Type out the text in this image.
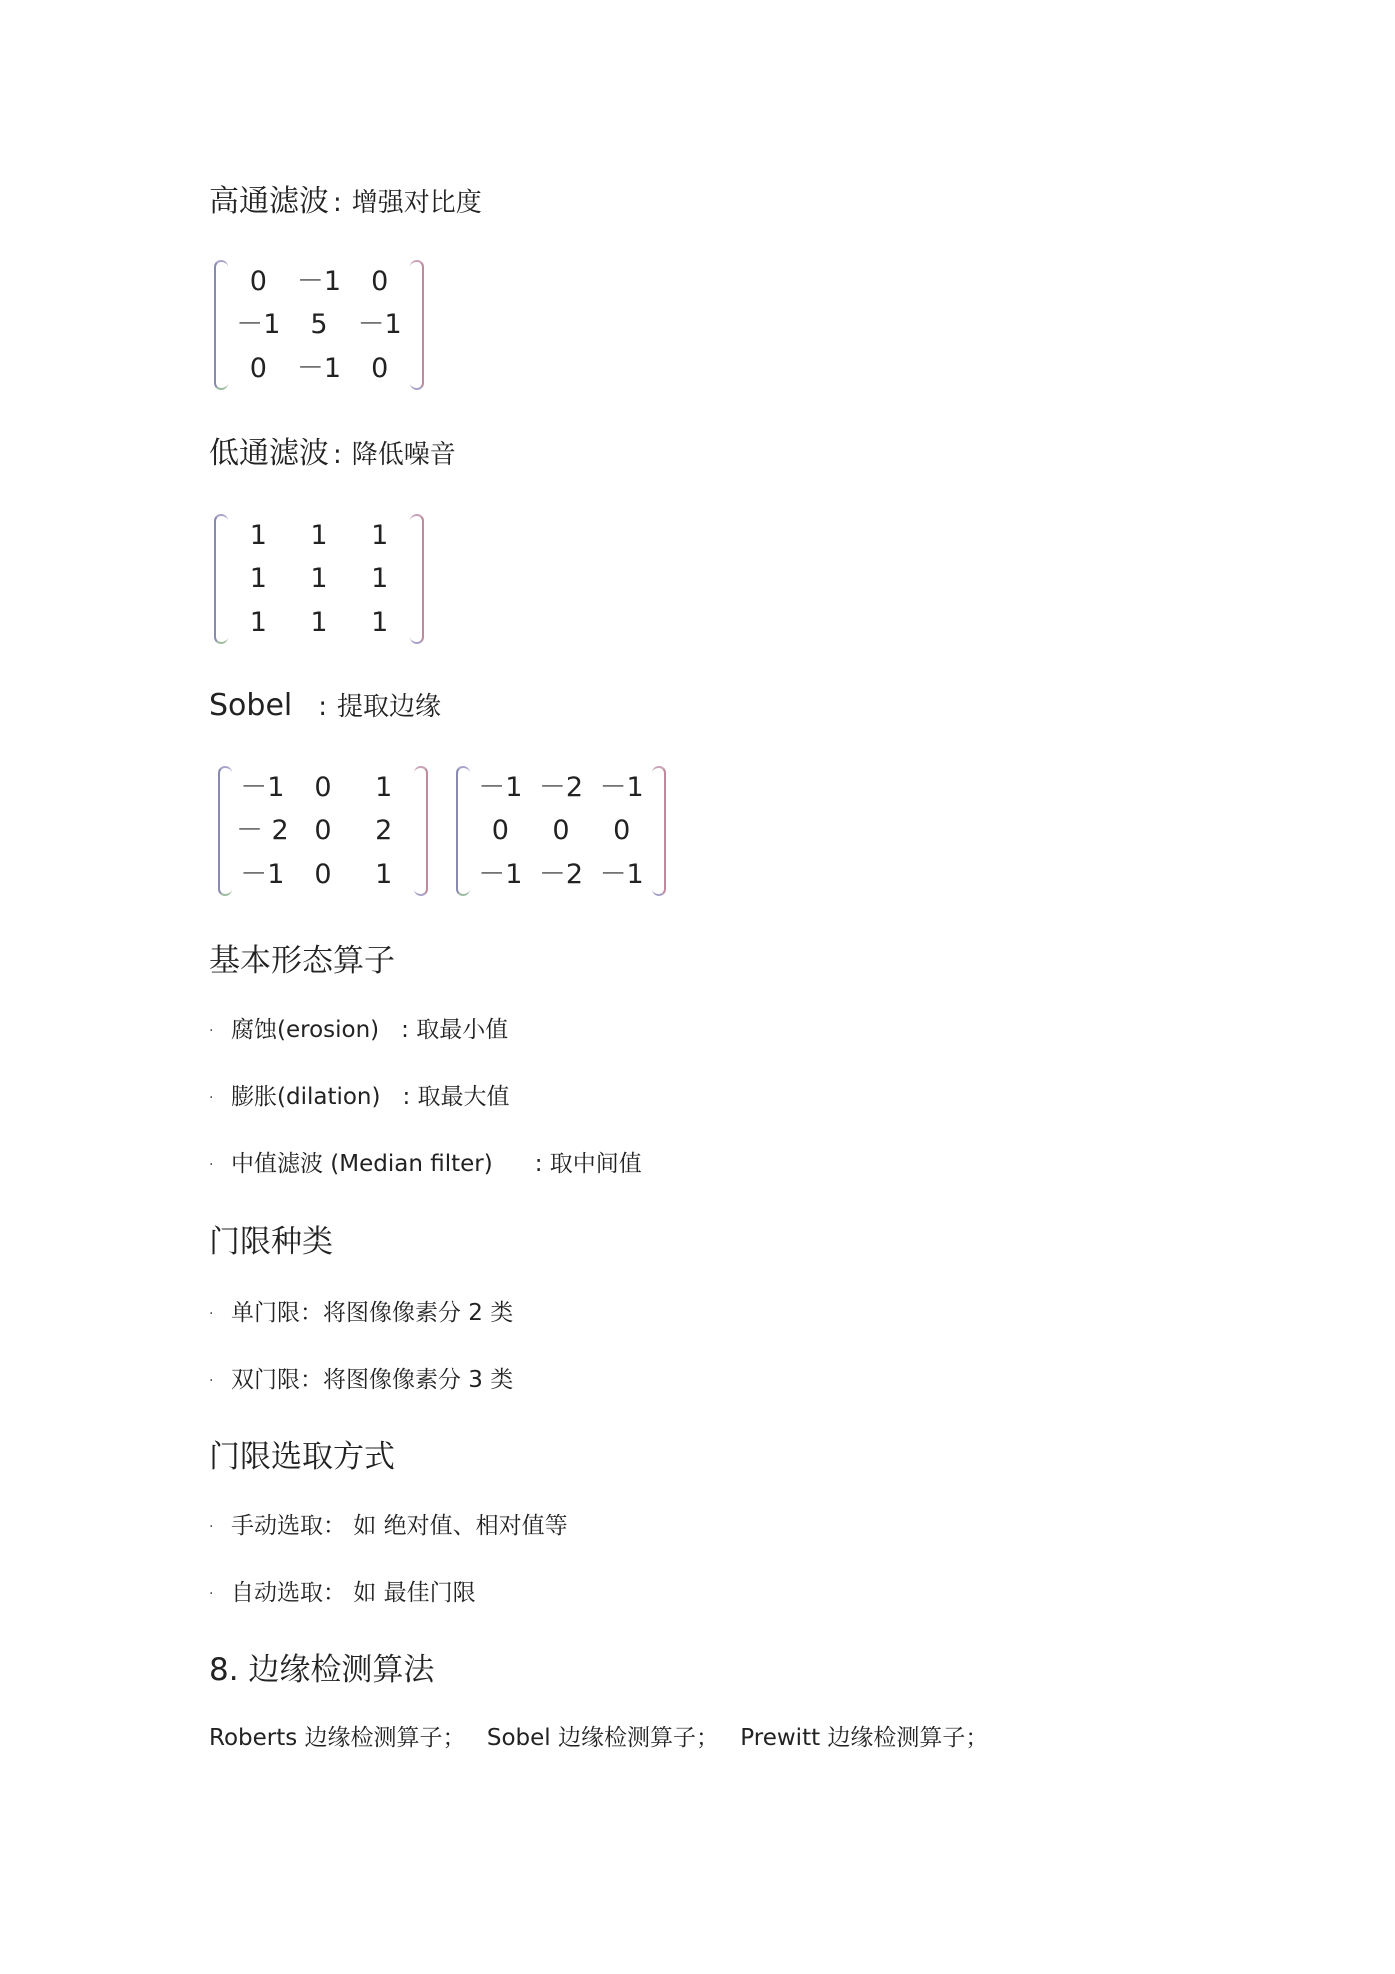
高通滤波 : 增强对比度
0	－1	0
－1	5	－1
0	－1	0
低通滤波 : 降低噪音
1	1	1
1	1	1
1	1	1
Sobel : 提取边缘
－1	0	1
－ 2 0	2
－1	0	1
－1 －2 －1
0	0	0
－1 －2 －1
基本形态算子
· 腐蚀(erosion) : 取最小值
· 膨胀(dilation) : 取最大值
· 中值滤波 (Median filter) : 取中间值
门限种类
· 单门限：将图像像素分 2 类
· 双门限：将图像像素分 3 类
门限选取方式
· 手动选取： 如 绝对值、相对值等
· 自动选取： 如 最佳门限
8. 边缘检测算法
Roberts 边缘检测算子； Sobel 边缘检测算子； Prewitt 边缘检测算子；
